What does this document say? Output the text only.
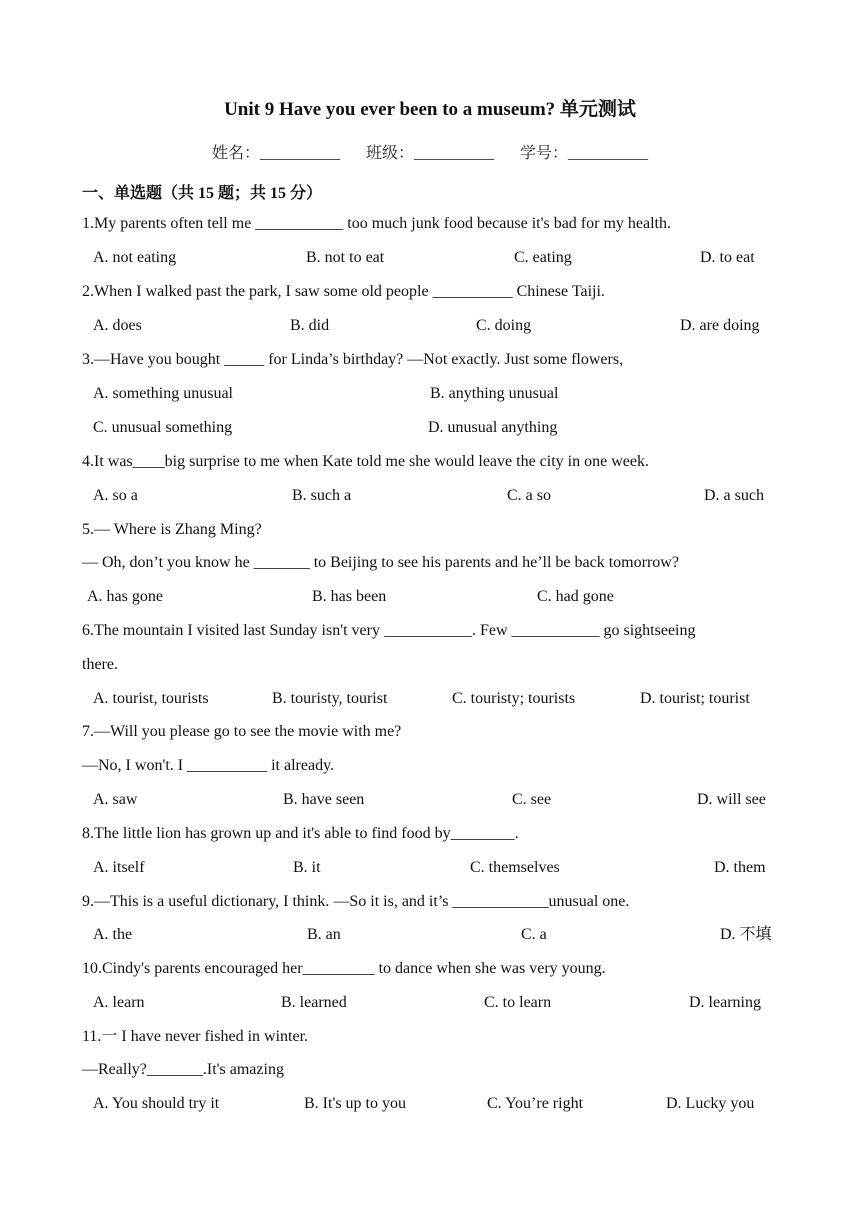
Unit 9 Have you ever been to a museum? 单元测试
姓名：__________ 班级：__________ 学号：__________
一、单选题（共 15 题；共 15 分）
1.My parents often tell me ___________ too much junk food because it's bad for my health.
A. not eating	B. not to eat	C. eating	D. to eat
2.When I walked past the park, I saw some old people __________ Chinese Taiji.
A. does	B. did	C. doing	D. are doing
3.—Have you bought _____ for Linda’s birthday? —Not exactly. Just some flowers,
A. something unusual	B. anything unusual
C. unusual something	D. unusual anything
4.It was____big surprise to me when Kate told me she would leave the city in one week.
A. so a	B. such a	C. a so	D. a such
5.— Where is Zhang Ming?
— Oh, don’t you know he _______ to Beijing to see his parents and he’ll be back tomorrow?
A. has gone	B. has been	C. had gone
6.The mountain I visited last Sunday isn't very ___________. Few ___________ go sightseeing
there.
A. tourist, tourists	B. touristy, tourist	C. touristy; tourists	D. tourist; tourist
7.—Will you please go to see the movie with me?
—No, I won't. I __________ it already.
A. saw	B. have seen	C. see	D. will see
8.The little lion has grown up and it's able to find food by________.
A. itself	B. it	C. themselves	D. them
9.—This is a useful dictionary, I think. —So it is, and it’s ____________unusual one.
A. the	B. an	C. a	D. 不填
10.Cindy's parents encouraged her_________ to dance when she was very young.
A. learn	B. learned	C. to learn	D. learning
11.一 I have never fished in winter.
—Really?_______.It's amazing
A. You should try it	B. It's up to you	C. You’re right	D. Lucky you
